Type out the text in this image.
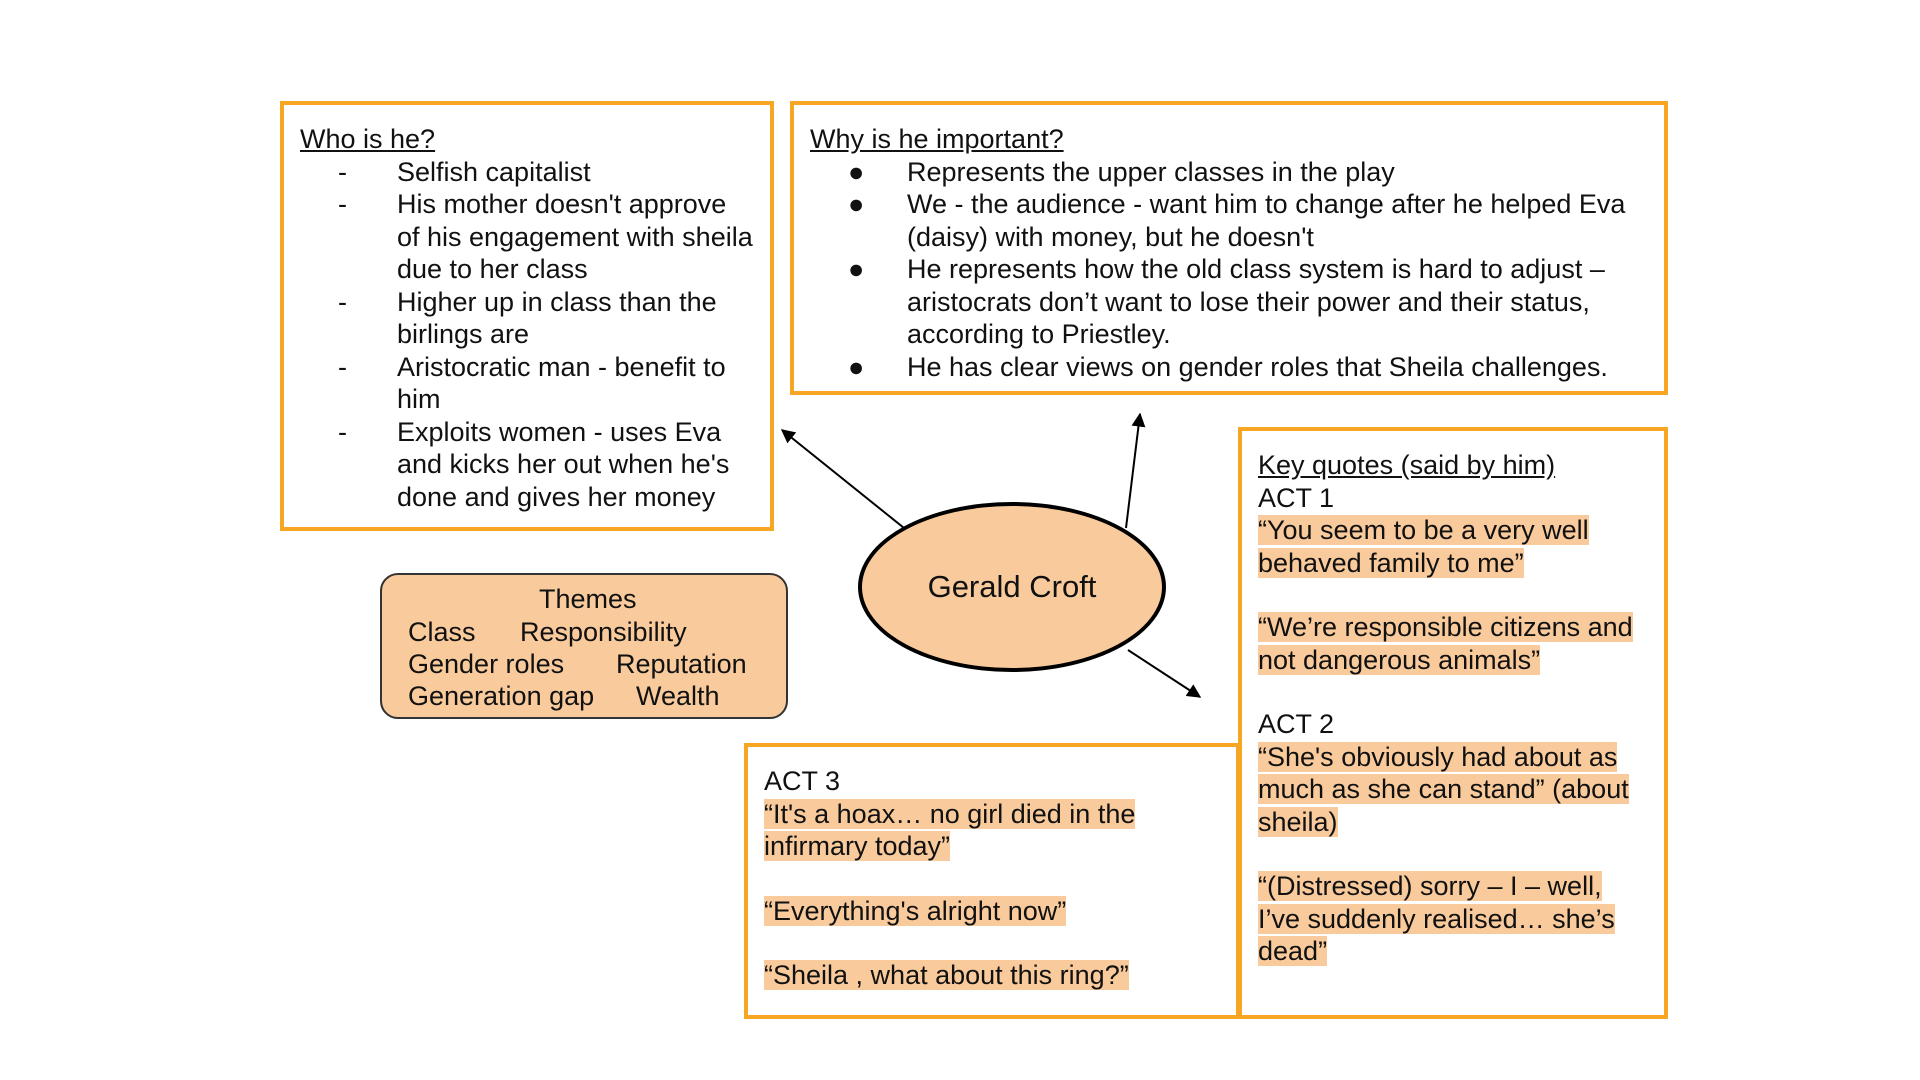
Who is he?
-	Selfish capitalist
-	His mother doesn't approve of his engagement with sheila due to her class
-	Higher up in class than the birlings are
-	Aristocratic man - benefit to him
-	Exploits women - uses Eva and kicks her out when he's done and gives her money
Why is he important?
●	Represents the upper classes in the play
●	We - the audience - want him to change after he helped Eva (daisy) with money, but he doesn't
●	He represents how the old class system is hard to adjust – aristocrats don’t want to lose their power and their status, according to Priestley.
●	He has clear views on gender roles that Sheila challenges.
ACT 3
“It's a hoax… no girl died in the infirmary today”
“Everything's alright now”
“Sheila , what about this ring?”
Key quotes (said by him)
ACT 1
“You seem to be a very well behaved family to me”
“We’re responsible citizens and not dangerous animals”
ACT 2
“She's obviously had about as much as she can stand” (about sheila)
“(Distressed) sorry – I – well, I’ve suddenly realised… she’s dead”
Gerald Croft
Themes
Class Responsibility
Gender roles Reputation
Generation gap Wealth
